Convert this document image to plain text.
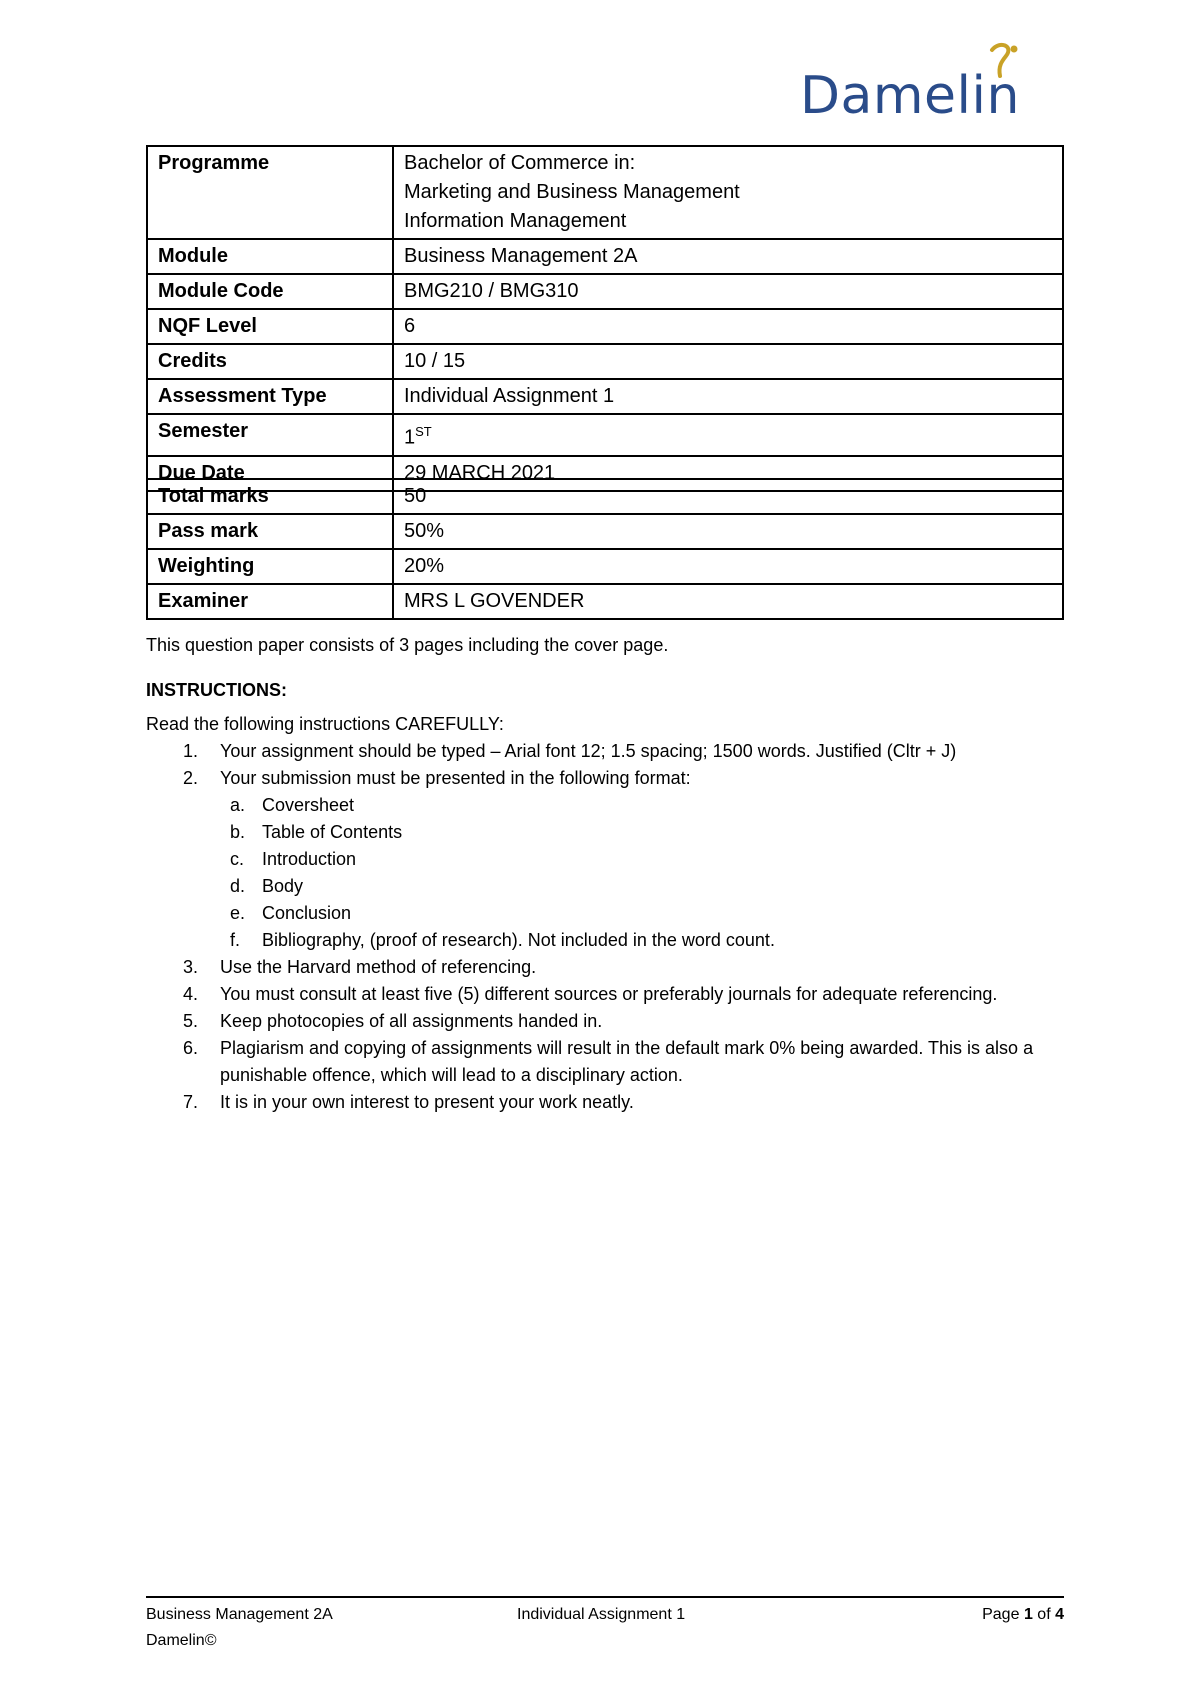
Damelin
Programme	Bachelor of Commerce in:
Marketing and Business Management
Information Management

Module	Business Management 2A
Module Code	BMG210 / BMG310
NQF Level	6
Credits	10 / 15
Assessment Type	Individual Assignment 1
Semester	1ST
Due Date	29 MARCH 2021
Total marks	50
Pass mark	50%
Weighting	20%
Examiner	MRS L GOVENDER
This question paper consists of 3 pages including the cover page.
INSTRUCTIONS:
Read the following instructions CAREFULLY:
1. Your assignment should be typed – Arial font 12; 1.5 spacing; 1500 words. Justified (Cltr + J)
2. Your submission must be presented in the following format:
a. Coversheet
b. Table of Contents
c. Introduction
d. Body
e. Conclusion
f. Bibliography, (proof of research). Not included in the word count.
3. Use the Harvard method of referencing.
4. You must consult at least five (5) different sources or preferably journals for adequate referencing.
5. Keep photocopies of all assignments handed in.
6. Plagiarism and copying of assignments will result in the default mark 0% being awarded. This is also a punishable offence, which will lead to a disciplinary action.
7. It is in your own interest to present your work neatly.
Business Management 2A	Individual Assignment 1	Page 1 of 4
Damelin©
